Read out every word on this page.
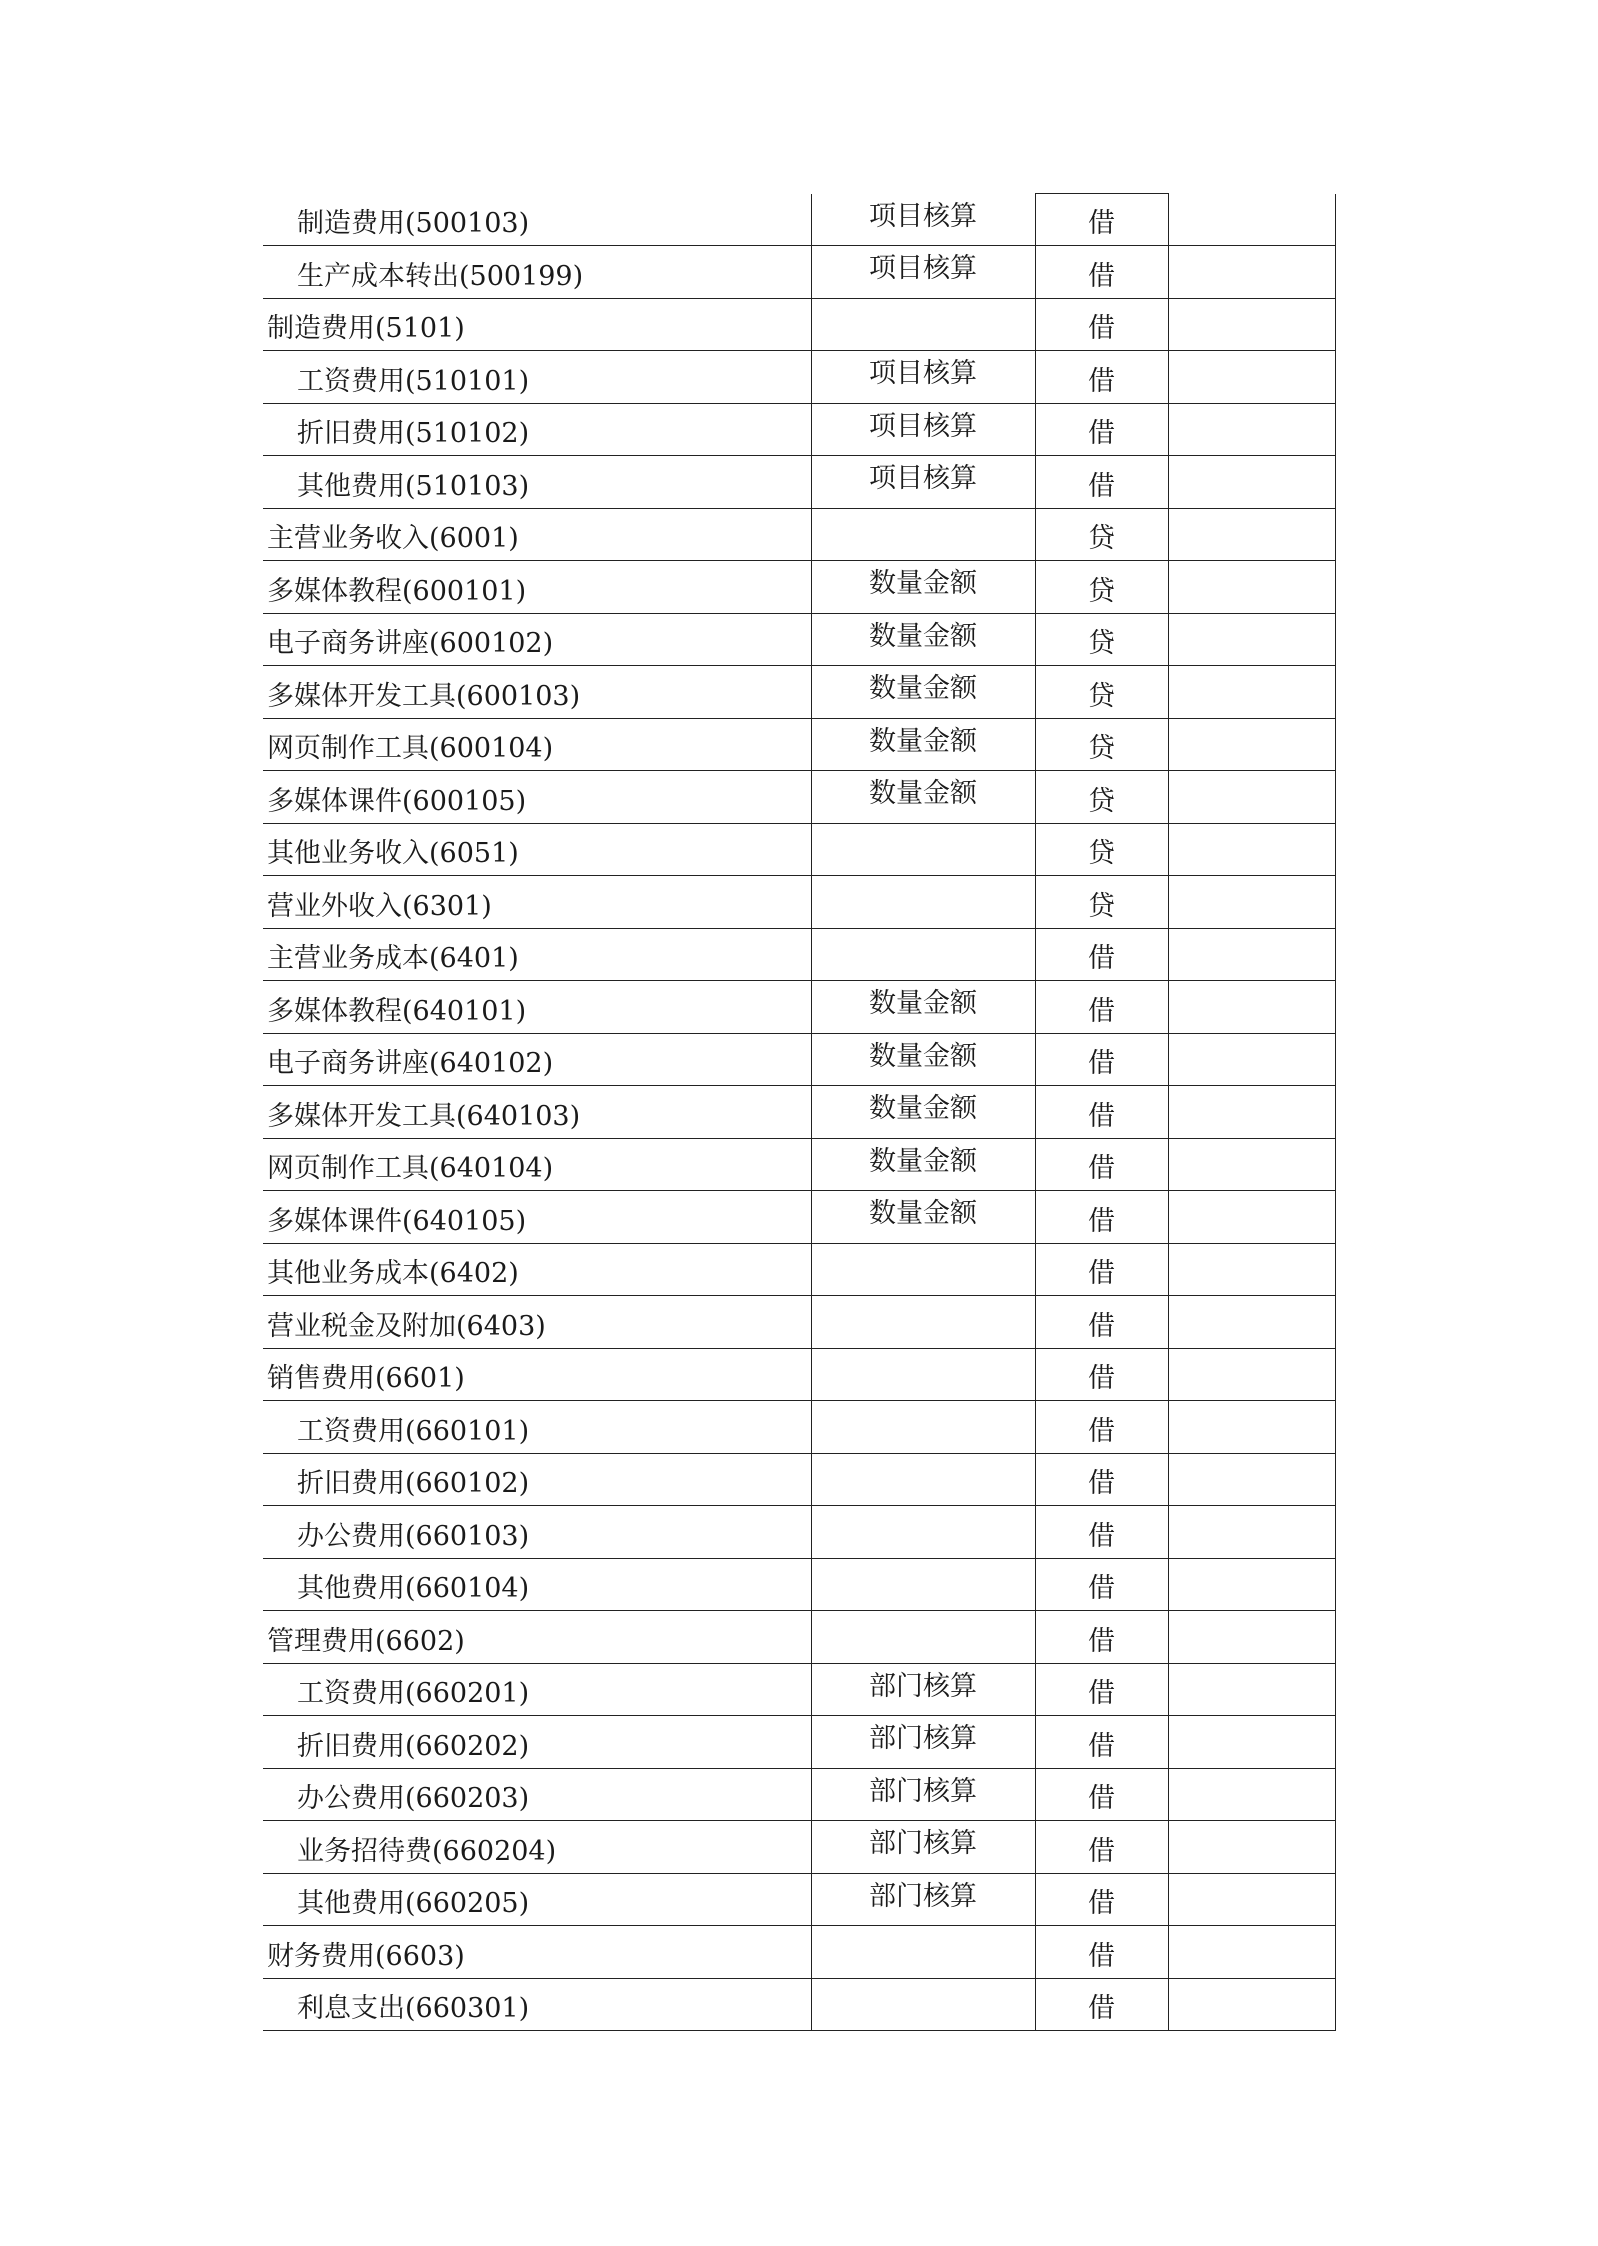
制造费用(500103)	项目核算	借	
生产成本转出(500199)	项目核算	借	
制造费用(5101)		借	
工资费用(510101)	项目核算	借	
折旧费用(510102)	项目核算	借	
其他费用(510103)	项目核算	借	
主营业务收入(6001)		贷	
多媒体教程(600101)	数量金额	贷	
电子商务讲座(600102)	数量金额	贷	
多媒体开发工具(600103)	数量金额	贷	
网页制作工具(600104)	数量金额	贷	
多媒体课件(600105)	数量金额	贷	
其他业务收入(6051)		贷	
营业外收入(6301)		贷	
主营业务成本(6401)		借	
多媒体教程(640101)	数量金额	借	
电子商务讲座(640102)	数量金额	借	
多媒体开发工具(640103)	数量金额	借	
网页制作工具(640104)	数量金额	借	
多媒体课件(640105)	数量金额	借	
其他业务成本(6402)		借	
营业税金及附加(6403)		借	
销售费用(6601)		借	
工资费用(660101)		借	
折旧费用(660102)		借	
办公费用(660103)		借	
其他费用(660104)		借	
管理费用(6602)		借	
工资费用(660201)	部门核算	借	
折旧费用(660202)	部门核算	借	
办公费用(660203)	部门核算	借	
业务招待费(660204)	部门核算	借	
其他费用(660205)	部门核算	借	
财务费用(6603)		借	
利息支出(660301)		借	
